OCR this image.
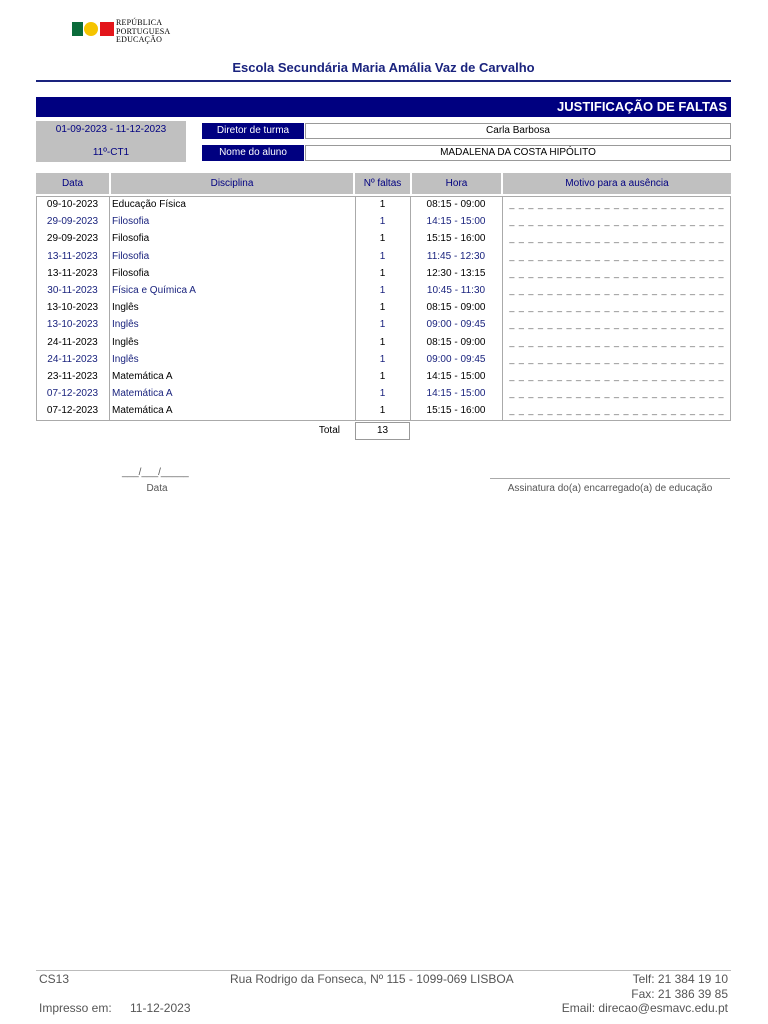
REPÚBLICA
PORTUGUESA
EDUCAÇÃO
Escola Secundária Maria Amália Vaz de Carvalho
JUSTIFICAÇÃO DE FALTAS
01-09-2023 - 11-12-2023
11º-CT1
Diretor de turma	Carla Barbosa
Nome do aluno	MADALENA DA COSTA HIPÓLITO
Data	Disciplina	Nº faltas	Hora	Motivo para a ausência
09-10-2023	Educação Física	1	08:15 - 09:00	_ _ _ _ _ _ _ _ _ _ _ _ _ _ _ _ _ _ _ _ _ _ _
29-09-2023	Filosofia	1	14:15 - 15:00	_ _ _ _ _ _ _ _ _ _ _ _ _ _ _ _ _ _ _ _ _ _ _
29-09-2023	Filosofia	1	15:15 - 16:00	_ _ _ _ _ _ _ _ _ _ _ _ _ _ _ _ _ _ _ _ _ _ _
13-11-2023	Filosofia	1	11:45 - 12:30	_ _ _ _ _ _ _ _ _ _ _ _ _ _ _ _ _ _ _ _ _ _ _
13-11-2023	Filosofia	1	12:30 - 13:15	_ _ _ _ _ _ _ _ _ _ _ _ _ _ _ _ _ _ _ _ _ _ _
30-11-2023	Física e Química A	1	10:45 - 11:30	_ _ _ _ _ _ _ _ _ _ _ _ _ _ _ _ _ _ _ _ _ _ _
13-10-2023	Inglês	1	08:15 - 09:00	_ _ _ _ _ _ _ _ _ _ _ _ _ _ _ _ _ _ _ _ _ _ _
13-10-2023	Inglês	1	09:00 - 09:45	_ _ _ _ _ _ _ _ _ _ _ _ _ _ _ _ _ _ _ _ _ _ _
24-11-2023	Inglês	1	08:15 - 09:00	_ _ _ _ _ _ _ _ _ _ _ _ _ _ _ _ _ _ _ _ _ _ _
24-11-2023	Inglês	1	09:00 - 09:45	_ _ _ _ _ _ _ _ _ _ _ _ _ _ _ _ _ _ _ _ _ _ _
23-11-2023	Matemática A	1	14:15 - 15:00	_ _ _ _ _ _ _ _ _ _ _ _ _ _ _ _ _ _ _ _ _ _ _
07-12-2023	Matemática A	1	14:15 - 15:00	_ _ _ _ _ _ _ _ _ _ _ _ _ _ _ _ _ _ _ _ _ _ _
07-12-2023	Matemática A	1	15:15 - 16:00	_ _ _ _ _ _ _ _ _ _ _ _ _ _ _ _ _ _ _ _ _ _ _
Total	13
___/___/_____
Data	Assinatura do(a) encarregado(a) de educação
CS13
Impresso em: 11-12-2023
Rua Rodrigo da Fonseca, Nº 115 - 1099-069 LISBOA	Telf: 21 384 19 10
Fax: 21 386 39 85
Email: direcao@esmavc.edu.pt
